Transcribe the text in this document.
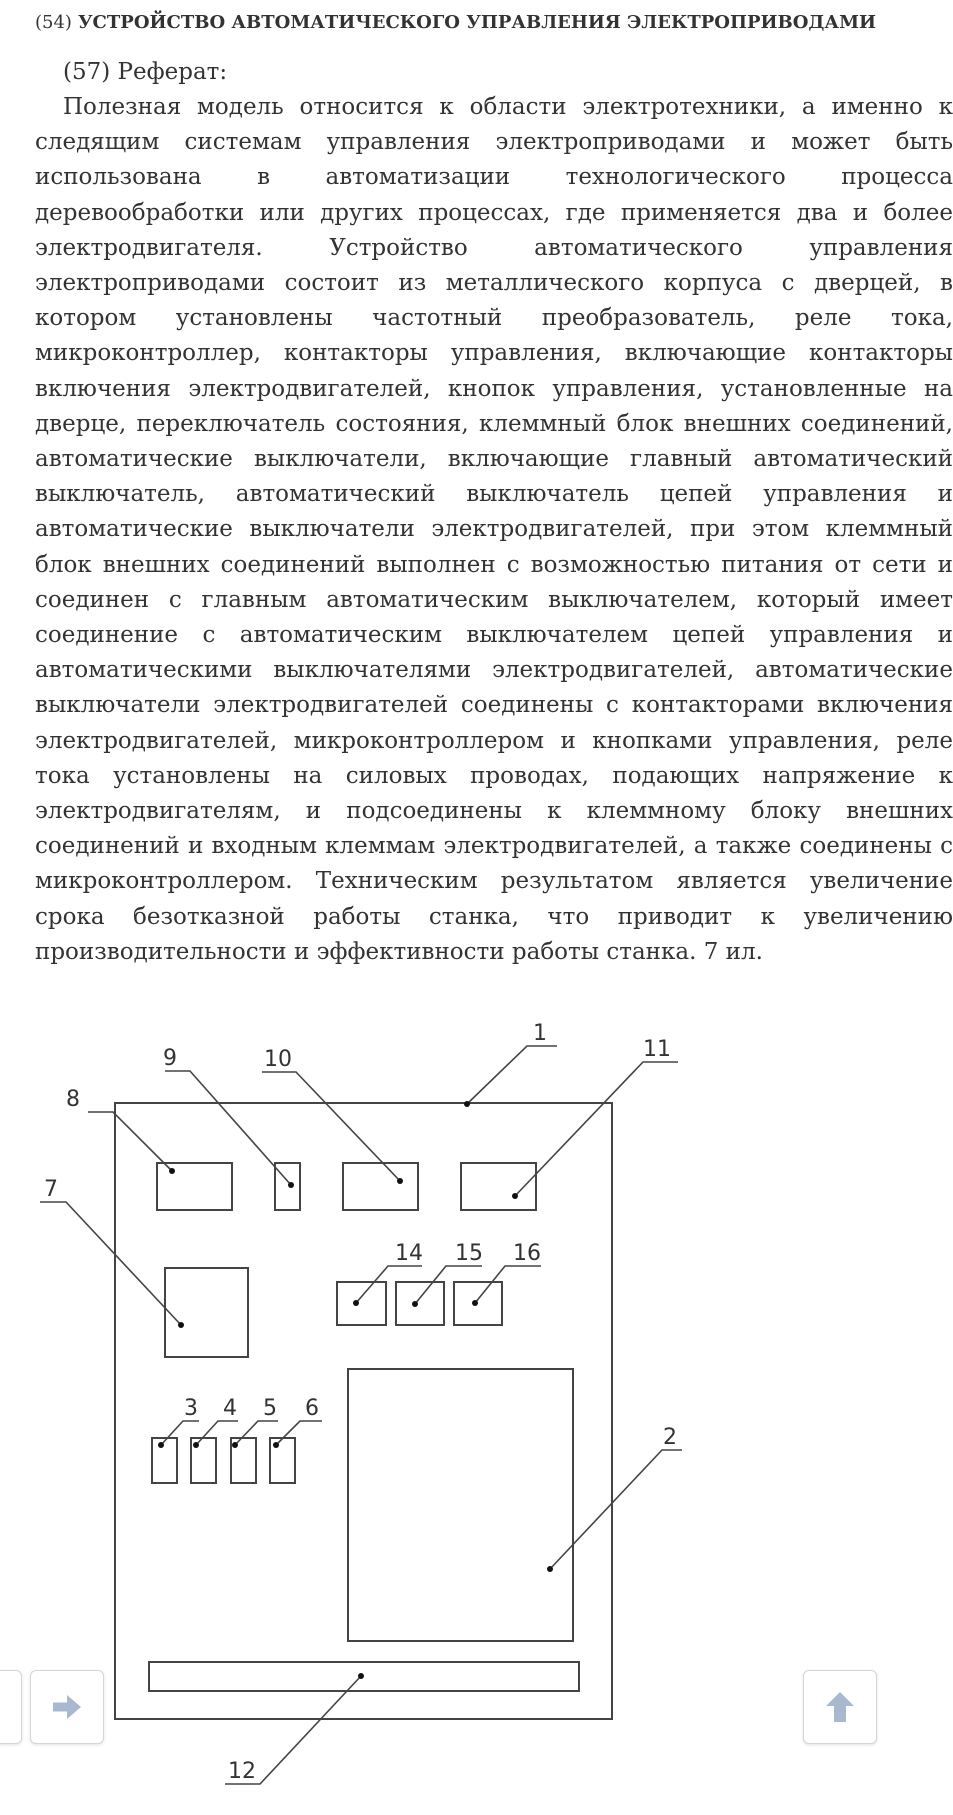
(54) УСТРОЙСТВО АВТОМАТИЧЕСКОГО УПРАВЛЕНИЯ ЭЛЕКТРОПРИВОДАМИ
(57) Реферат:

Полезная модель относится к области электротехники, а именно к следящим системам управления электроприводами и может быть использована в автоматизации технологического процесса деревообработки или других процессах, где применяется два и более электродвигателя. Устройство автоматического управления электроприводами состоит из металлического корпуса с дверцей, в котором установлены частотный преобразователь, реле тока, микроконтроллер, контакторы управления, включающие контакторы включения электродвигателей, кнопок управления, установленные на дверце, переключатель состояния, клеммный блок внешних соединений, автоматические выключатели, включающие главный автоматический выключатель, автоматический выключатель цепей управления и автоматические выключатели электродвигателей, при этом клеммный блок внешних соединений выполнен с возможностью питания от сети и соединен с главным автоматическим выключателем, который имеет соединение с автоматическим выключателем цепей управления и автоматическими выключателями электродвигателей, автоматические выключатели электродвигателей соединены с контакторами включения электродвигателей, микроконтроллером и кнопками управления, реле тока установлены на силовых проводах, подающих напряжение к электродвигателям, и подсоединены к клеммному блоку внешних соединений и входным клеммам электродвигателей, а также соединены с микроконтроллером. Техническим результатом является увеличение срока безотказной работы станка, что приводит к увеличению производительности и эффективности работы станка. 7 ил.

1
2
3 4 5 6
7
8
9	10	11
12
14 15 16
